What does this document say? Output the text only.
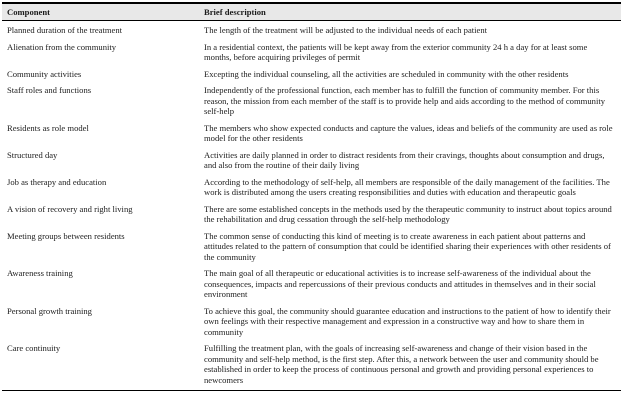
Component	Brief description
Planned duration of the treatment	The length of the treatment will be adjusted to the individual needs of each patient
Alienation from the community	In a residential context, the patients will be kept away from the exterior community 24 h a day for at least some months, before acquiring privileges of permit
Community activities	Excepting the individual counseling, all the activities are scheduled in community with the other residents
Staff roles and functions	Independently of the professional function, each member has to fulfill the function of community member. For this reason, the mission from each member of the staff is to provide help and aids according to the method of community self-help
Residents as role model	The members who show expected conducts and capture the values, ideas and beliefs of the community are used as role model for the other residents
Structured day	Activities are daily planned in order to distract residents from their cravings, thoughts about consumption and drugs, and also from the routine of their daily living
Job as therapy and education	According to the methodology of self-help, all members are responsible of the daily management of the facilities. The work is distributed among the users creating responsibilities and duties with education and therapeutic goals
A vision of recovery and right living	There are some established concepts in the methods used by the therapeutic community to instruct about topics around the rehabilitation and drug cessation through the self-help methodology
Meeting groups between residents	The common sense of conducting this kind of meeting is to create awareness in each patient about patterns and attitudes related to the pattern of consumption that could be identified sharing their experiences with other residents of the community
Awareness training	The main goal of all therapeutic or educational activities is to increase self-awareness of the individual about the consequences, impacts and repercussions of their previous conducts and attitudes in themselves and in their social environment
Personal growth training	To achieve this goal, the community should guarantee education and instructions to the patient of how to identify their own feelings with their respective management and expression in a constructive way and how to share them in community
Care continuity	Fulfilling the treatment plan, with the goals of increasing self-awareness and change of their vision based in the community and self-help method, is the first step. After this, a network between the user and community should be established in order to keep the process of continuous personal and growth and providing personal experiences to newcomers
